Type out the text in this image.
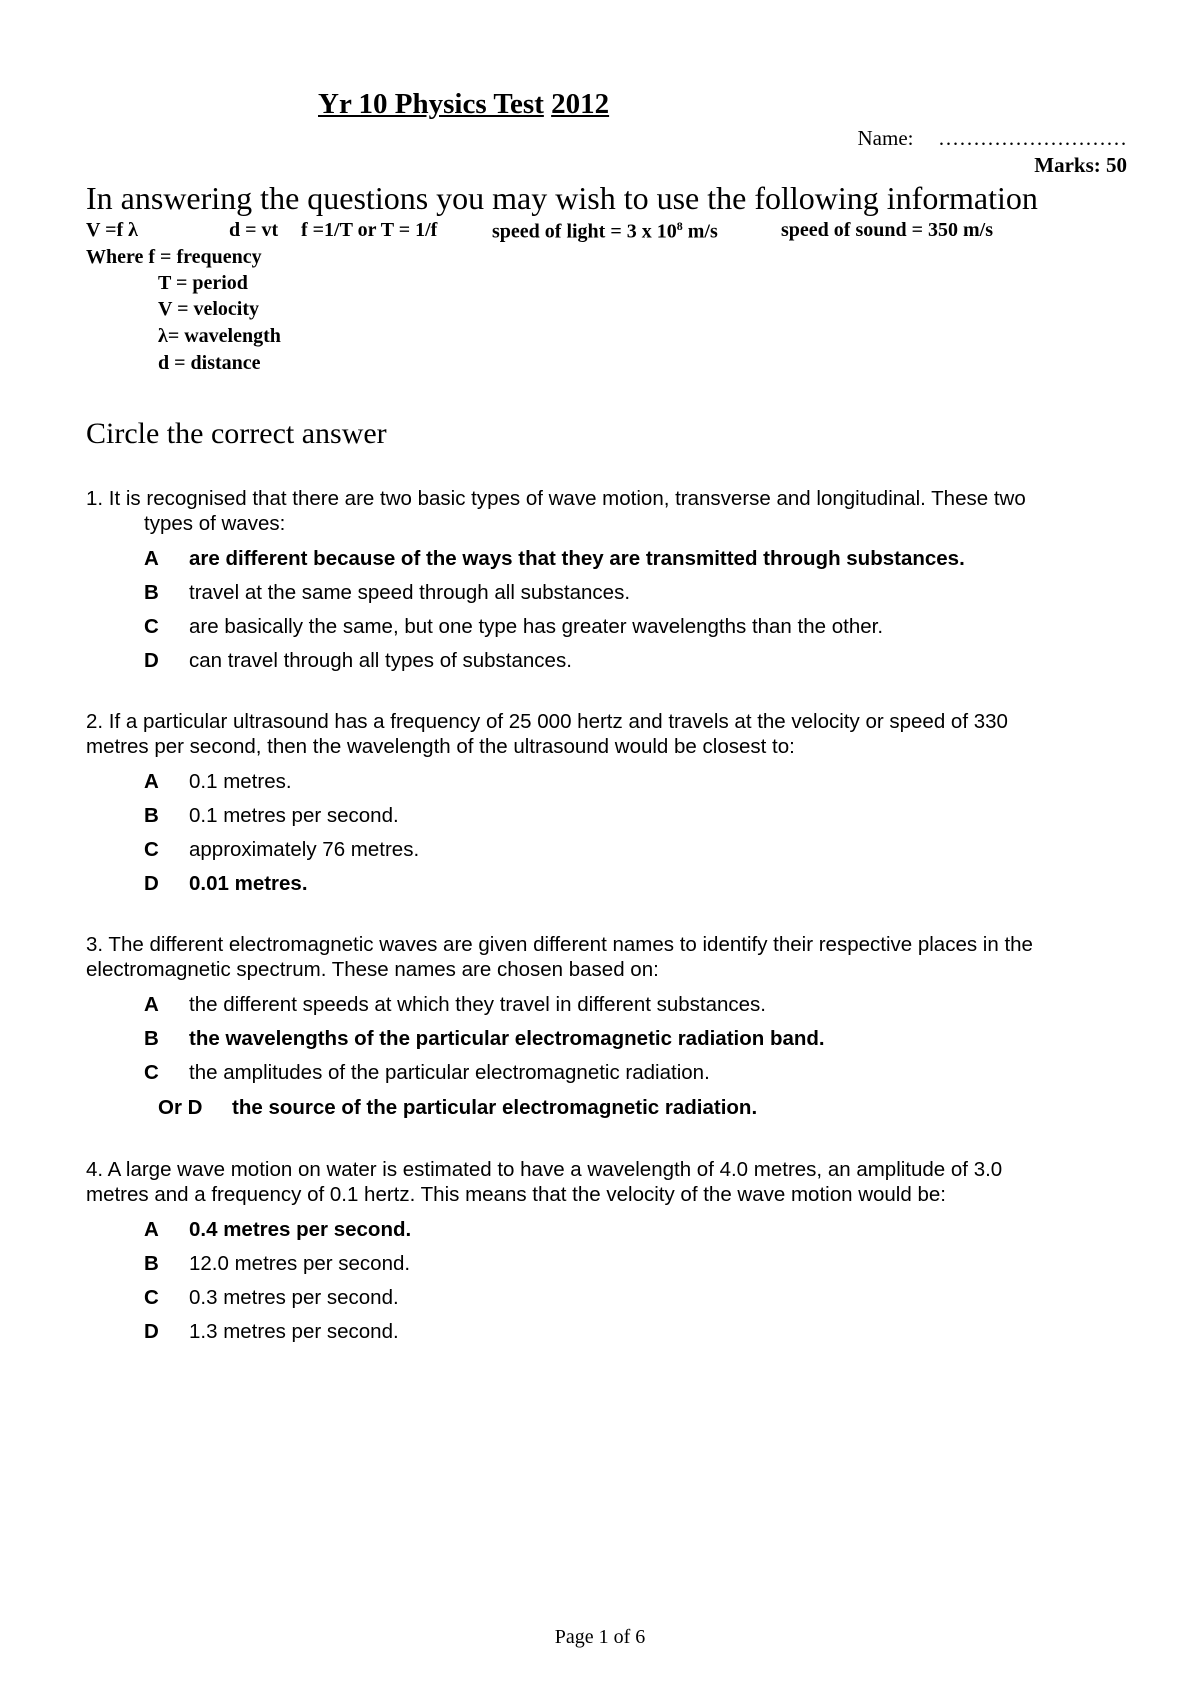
Yr 10 Physics Test 2012
Name: ………………………
Marks: 50
In answering the questions you may wish to use the following information
V =f λ	d = vt f =1/T or T = 1/f	speed of light = 3 x $10^8$ m/s	speed of sound = 350 m/s
Where f = frequency
T = period
V = velocity
λ= wavelength
d = distance
Circle the correct answer
1. It is recognised that there are two basic types of wave motion, transverse and longitudinal. These two
types of waves:
A are different because of the ways that they are transmitted through substances.
B travel at the same speed through all substances.
C are basically the same, but one type has greater wavelengths than the other.
D can travel through all types of substances.
2. If a particular ultrasound has a frequency of 25 000 hertz and travels at the velocity or speed of 330
metres per second, then the wavelength of the ultrasound would be closest to:
A 0.1 metres.
B 0.1 metres per second.
C approximately 76 metres.
D 0.01 metres.
3. The different electromagnetic waves are given different names to identify their respective places in the
electromagnetic spectrum. These names are chosen based on:
A the different speeds at which they travel in different substances.
B the wavelengths of the particular electromagnetic radiation band.
C the amplitudes of the particular electromagnetic radiation.
Or D the source of the particular electromagnetic radiation.
4. A large wave motion on water is estimated to have a wavelength of 4.0 metres, an amplitude of 3.0
metres and a frequency of 0.1 hertz. This means that the velocity of the wave motion would be:
A 0.4 metres per second.
B 12.0 metres per second.
C 0.3 metres per second.
D 1.3 metres per second.
Page 1 of 6
